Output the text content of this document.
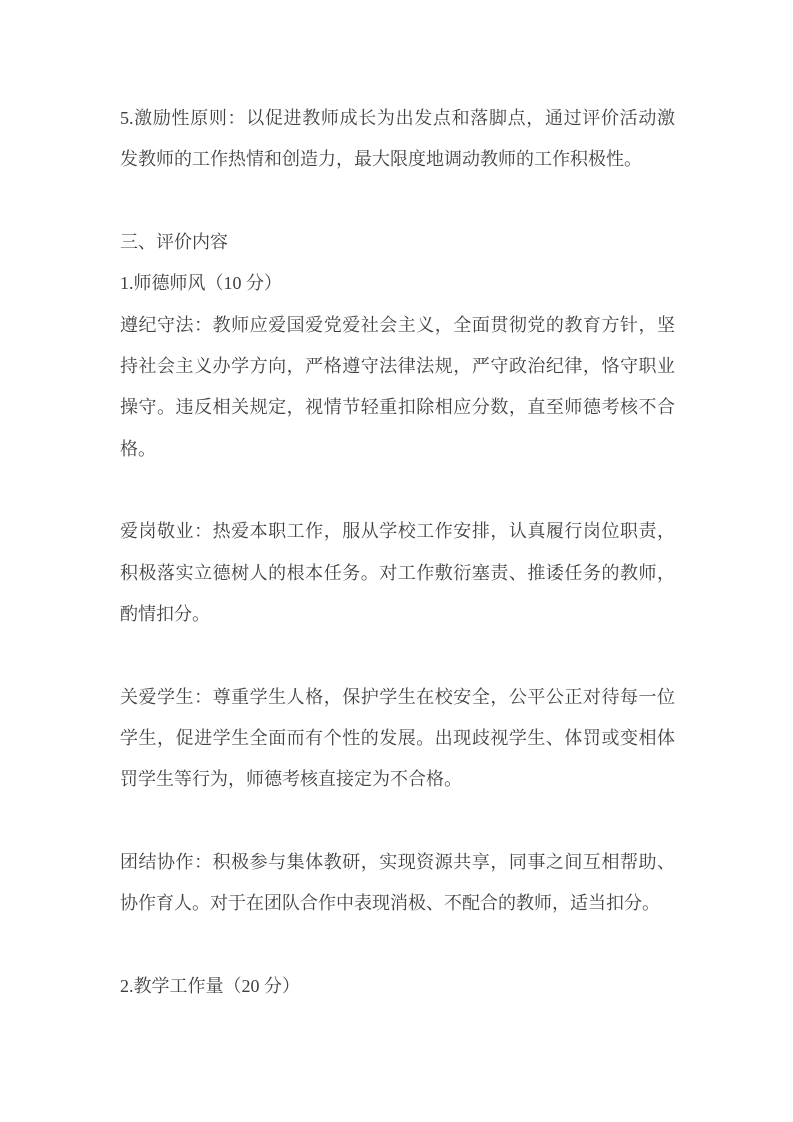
5.激励性原则：以促进教师成长为出发点和落脚点，通过评价活动激
发教师的工作热情和创造力，最大限度地调动教师的工作积极性。
三、评价内容
1.师德师风（10 分）
遵纪守法：教师应爱国爱党爱社会主义，全面贯彻党的教育方针，坚
持社会主义办学方向，严格遵守法律法规，严守政治纪律，恪守职业
操守。违反相关规定，视情节轻重扣除相应分数，直至师德考核不合
格。
爱岗敬业：热爱本职工作，服从学校工作安排，认真履行岗位职责，
积极落实立德树人的根本任务。对工作敷衍塞责、推诿任务的教师，
酌情扣分。
关爱学生：尊重学生人格，保护学生在校安全，公平公正对待每一位
学生，促进学生全面而有个性的发展。出现歧视学生、体罚或变相体
罚学生等行为，师德考核直接定为不合格。
团结协作：积极参与集体教研，实现资源共享，同事之间互相帮助、
协作育人。对于在团队合作中表现消极、不配合的教师，适当扣分。
2.教学工作量（20 分）
